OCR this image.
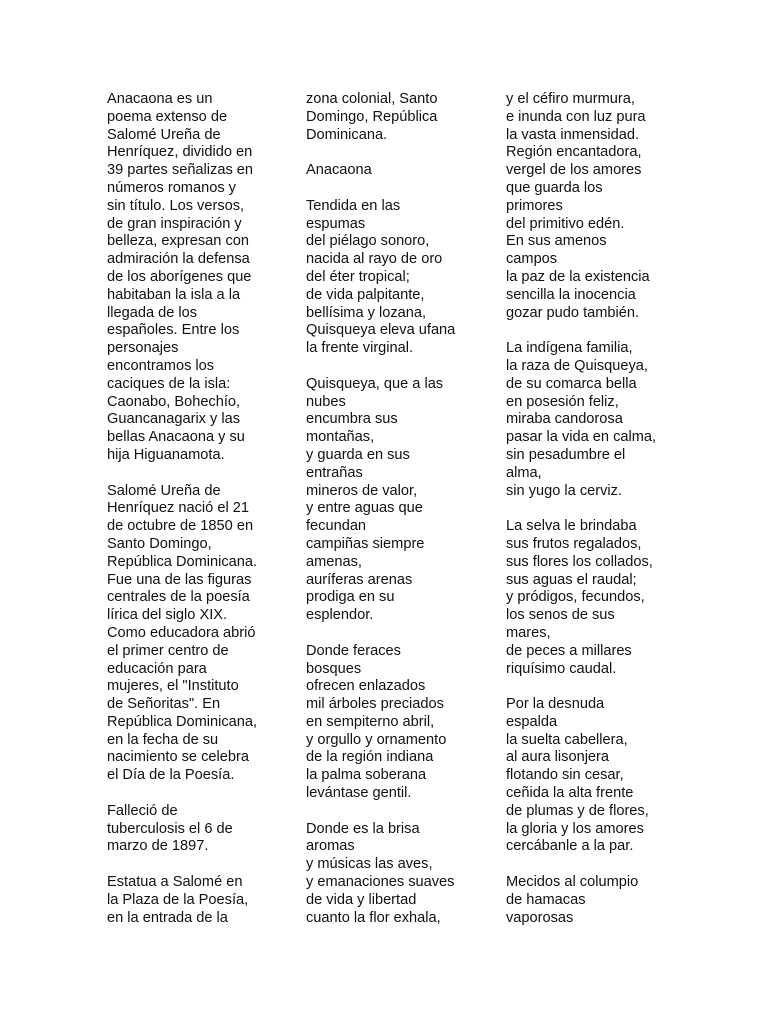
Anacaona es un
poema extenso de
Salomé Ureña de
Henríquez, dividido en
39 partes señalizas en
números romanos y
sin título. Los versos,
de gran inspiración y
belleza, expresan con
admiración la defensa
de los aborígenes que
habitaban la isla a la
llegada de los
españoles. Entre los
personajes
encontramos los
caciques de la isla:
Caonabo, Bohechío,
Guancanagarix y las
bellas Anacaona y su
hija Higuanamota.
Salomé Ureña de
Henríquez nació el 21
de octubre de 1850 en
Santo Domingo,
República Dominicana.
Fue una de las figuras
centrales de la poesía
lírica del siglo XIX.
Como educadora abrió
el primer centro de
educación para
mujeres, el "Instituto
de Señoritas". En
República Dominicana,
en la fecha de su
nacimiento se celebra
el Día de la Poesía.
Falleció de
tuberculosis el 6 de
marzo de 1897.
Estatua a Salomé en
la Plaza de la Poesía,
en la entrada de la
zona colonial, Santo
Domingo, República
Dominicana.
Anacaona
Tendida en las
espumas
del piélago sonoro,
nacida al rayo de oro
del éter tropical;
de vida palpitante,
bellísima y lozana,
Quisqueya eleva ufana
la frente virginal.
Quisqueya, que a las
nubes
encumbra sus
montañas,
y guarda en sus
entrañas
mineros de valor,
y entre aguas que
fecundan
campiñas siempre
amenas,
auríferas arenas
prodiga en su
esplendor.
Donde feraces
bosques
ofrecen enlazados
mil árboles preciados
en sempiterno abril,
y orgullo y ornamento
de la región indiana
la palma soberana
levántase gentil.
Donde es la brisa
aromas
y músicas las aves,
y emanaciones suaves
de vida y libertad
cuanto la flor exhala,
y el céfiro murmura,
e inunda con luz pura
la vasta inmensidad.
Región encantadora,
vergel de los amores
que guarda los
primores
del primitivo edén.
En sus amenos
campos
la paz de la existencia
sencilla la inocencia
gozar pudo también.
La indígena familia,
la raza de Quisqueya,
de su comarca bella
en posesión feliz,
miraba candorosa
pasar la vida en calma,
sin pesadumbre el
alma,
sin yugo la cerviz.
La selva le brindaba
sus frutos regalados,
sus flores los collados,
sus aguas el raudal;
y pródigos, fecundos,
los senos de sus
mares,
de peces a millares
riquísimo caudal.
Por la desnuda
espalda
la suelta cabellera,
al aura lisonjera
flotando sin cesar,
ceñida la alta frente
de plumas y de flores,
la gloria y los amores
cercábanle a la par.
Mecidos al columpio
de hamacas
vaporosas
